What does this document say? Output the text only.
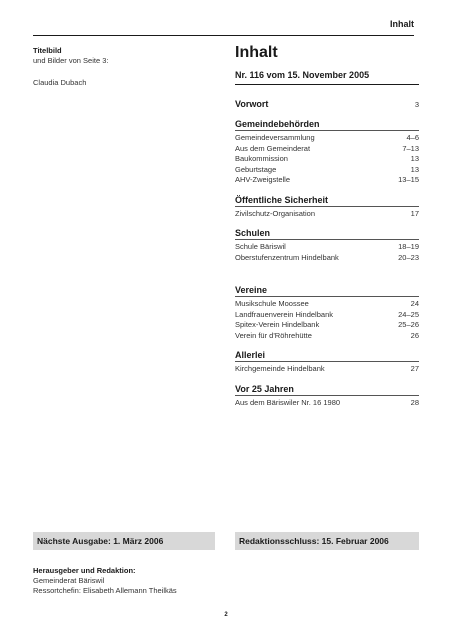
Inhalt
Titelbild
und Bilder von Seite 3:
Claudia Dubach
Inhalt
Nr. 116 vom 15. November 2005
Vorwort	3
Gemeindebehörden
Gemeindeversammlung	4–6
Aus dem Gemeinderat	7–13
Baukommission	13
Geburtstage	13
AHV-Zweigstelle	13–15
Öffentliche Sicherheit
Zivilschutz-Organisation	17
Schulen
Schule Bäriswil	18–19
Oberstufenzentrum Hindelbank	20–23
Vereine
Musikschule Moossee	24
Landfrauenverein Hindelbank	24–25
Spitex-Verein Hindelbank	25–26
Verein für d'Röhrehütte	26
Allerlei
Kirchgemeinde Hindelbank	27
Vor 25 Jahren
Aus dem Bäriswiler Nr. 16 1980	28
Nächste Ausgabe: 1. März 2006	Redaktionsschluss: 15. Februar 2006
Herausgeber und Redaktion:
Gemeinderat Bäriswil
Ressortchefin: Elisabeth Allemann Theilkäs
2
